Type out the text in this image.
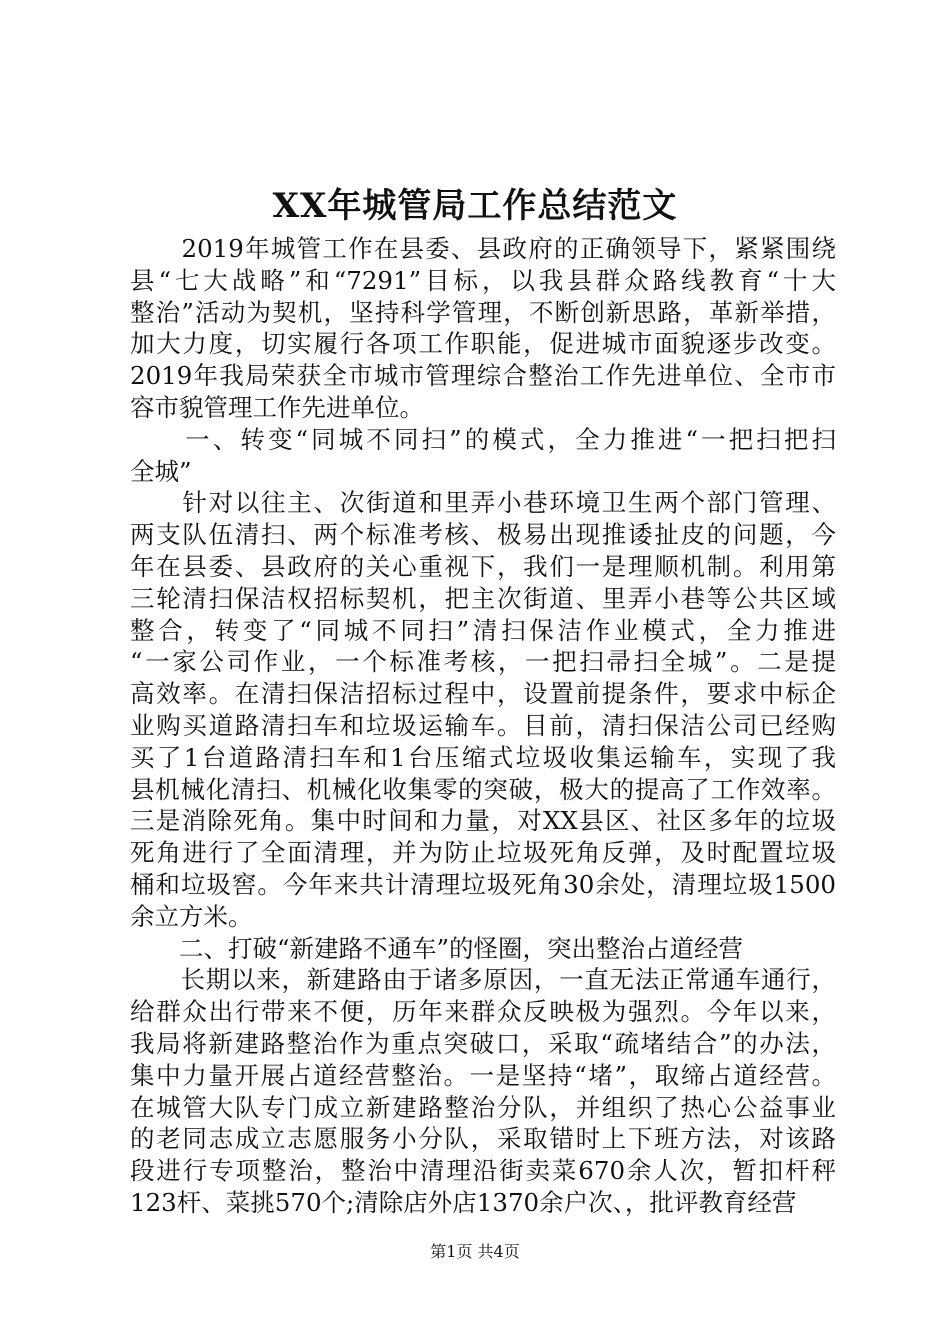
XX年城管局工作总结范文
　　2019年城管工作在县委、县政府的正确领导下，紧紧围绕
县“七大战略”和“7291”目标，以我县群众路线教育“十大
整治”活动为契机，坚持科学管理，不断创新思路，革新举措，
加大力度，切实履行各项工作职能，促进城市面貌逐步改变。
2019年我局荣获全市城市管理综合整治工作先进单位、全市市
容市貌管理工作先进单位。
　　一、转变“同城不同扫”的模式，全力推进“一把扫把扫
全城”
　　针对以往主、次街道和里弄小巷环境卫生两个部门管理、
两支队伍清扫、两个标准考核、极易出现推诿扯皮的问题，今
年在县委、县政府的关心重视下，我们一是理顺机制。利用第
三轮清扫保洁权招标契机，把主次街道、里弄小巷等公共区域
整合，转变了“同城不同扫”清扫保洁作业模式，全力推进
“一家公司作业，一个标准考核，一把扫帚扫全城”。二是提
高效率。在清扫保洁招标过程中，设置前提条件，要求中标企
业购买道路清扫车和垃圾运输车。目前，清扫保洁公司已经购
买了1台道路清扫车和1台压缩式垃圾收集运输车，实现了我
县机械化清扫、机械化收集零的突破，极大的提高了工作效率。
三是消除死角。集中时间和力量，对XX县区、社区多年的垃圾
死角进行了全面清理，并为防止垃圾死角反弹，及时配置垃圾
桶和垃圾窖。今年来共计清理垃圾死角30余处，清理垃圾1500
余立方米。
　　二、打破“新建路不通车”的怪圈，突出整治占道经营
　　长期以来，新建路由于诸多原因，一直无法正常通车通行，
给群众出行带来不便，历年来群众反映极为强烈。今年以来，
我局将新建路整治作为重点突破口，采取“疏堵结合”的办法，
集中力量开展占道经营整治。一是坚持“堵”，取缔占道经营。
在城管大队专门成立新建路整治分队，并组织了热心公益事业
的老同志成立志愿服务小分队，采取错时上下班方法，对该路
段进行专项整治，整治中清理沿街卖菜670余人次，暂扣杆秤
123杆、菜挑570个;清除店外店1370余户次、，批评教育经营
第1页 共4页
